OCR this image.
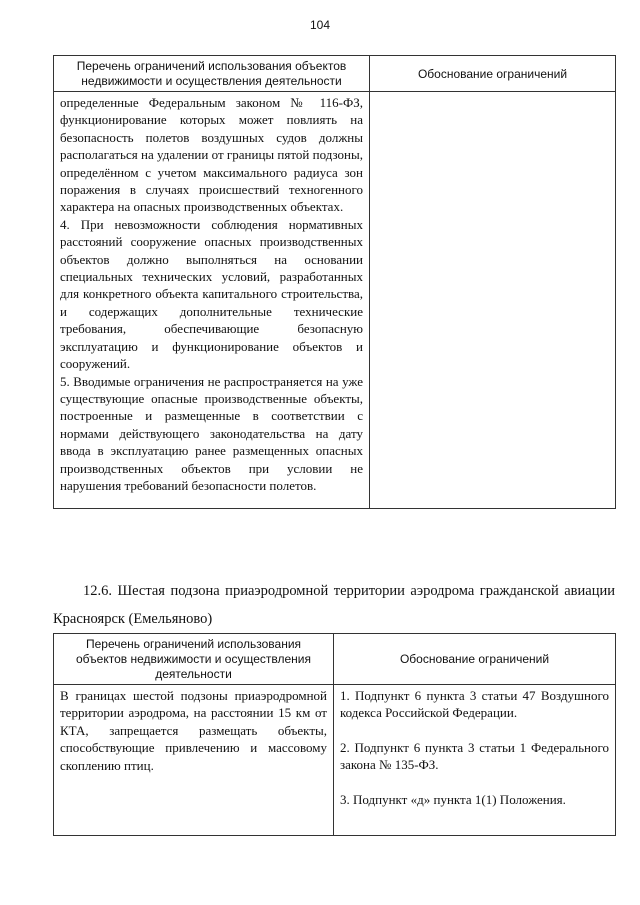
104
Перечень ограничений использования объектов недвижимости и осуществления деятельности	Обоснование ограничений

определенные Федеральным законом № 116-ФЗ, функционирование которых может повлиять на безопасность полетов воздушных судов должны располагаться на удалении от границы пятой подзоны, определённом с учетом максимального радиуса зон поражения в случаях происшествий техногенного характера на опасных производственных объектах.

4. При невозможности соблюдения нормативных расстояний сооружение опасных производственных объектов должно выполняться на основании специальных технических условий, разработанных для конкретного объекта капитального строительства, и содержащих дополнительные технические требования, обеспечивающие безопасную эксплуатацию и функционирование объектов и сооружений.

5. Вводимые ограничения не распространяется на уже существующие опасные производственные объекты, построенные и размещенные в соответствии с нормами действующего законодательства на дату ввода в эксплуатацию ранее размещенных опасных производственных объектов при условии не нарушения требований безопасности полетов.	

12.6. Шестая подзона приаэродромной территории аэродрома гражданской авиации Красноярск (Емельяново)
Перечень ограничений использования объектов недвижимости и осуществления деятельности	Обоснование ограничений

В границах шестой подзоны приаэродромной территории аэродрома, на расстоянии 15 км от КТА, запрещается размещать объекты, способствующие привлечению и массовому скоплению птиц.	1. Подпункт 6 пункта 3 статьи 47 Воздушного кодекса Российской Федерации.

2. Подпункт 6 пункта 3 статьи 1 Федерального закона № 135-ФЗ.

3. Подпункт «д» пункта 1(1) Положения.
